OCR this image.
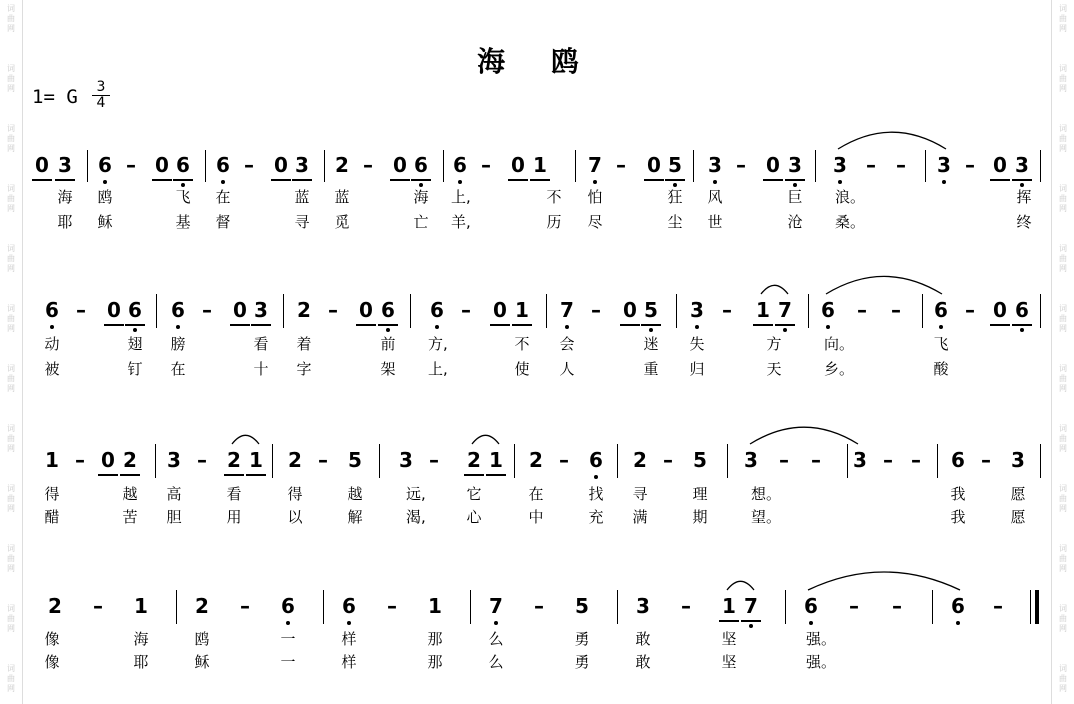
词
曲
网
词
曲
网
词
曲
网
词
曲
网
词
曲
网
词
曲
网
词
曲
网
词
曲
网
词
曲
网
词
曲
网
词
曲
网
词
曲
网
词
曲
网
词
曲
网
词
曲
网
词
曲
网
词
曲
网
词
曲
网
词
曲
网
词
曲
网
词
曲
网
词
曲
网
词
曲
网
词
曲
网
海 鸥
1= G $\frac{3}{4}$
0 3 6 – 0 6 6 – 0 3 2 – 0 6 6 – 0 1 7 – 0 5 3 – 0 3 3 – – 3 – 0 3
海 鸥	飞 在	蓝 蓝	海 上,	不 怕	狂 风	巨 浪。	挥
耶 稣	基 督	寻 觅	亡 羊,	历 尽	尘 世	沧 桑。	终
6 – 0 6 6 – 0 3 2 – 0 6 6 – 0 1 7 – 0 5 3 – 1 7 6 – – 6 – 0 6
动	翅 膀	看 着	前 方,	不 会	迷 失	方	向。	飞
被	钉 在	十 字	架 上,	使 人	重 归	天	乡。	酸
1 – 0 2 3 – 2 1 2 – 5 3 – 2 1 2 – 6 2 – 5 3 – – 3 – – 6 – 3
得	越 高	看	得	越	远,	它	在	找 寻	理	想。	我	愿
醋	苦 胆	用	以	解	渴,	心	中	充 满	期	望。	我	愿
2 – 1 2 – 6 6 – 1 7 – 5 3 – 1 7 6 – – 6 –
像	海	鸥	一	样	那	么	勇	敢	坚	强。
像	耶	稣	一	样	那	么	勇	敢	坚	强。
